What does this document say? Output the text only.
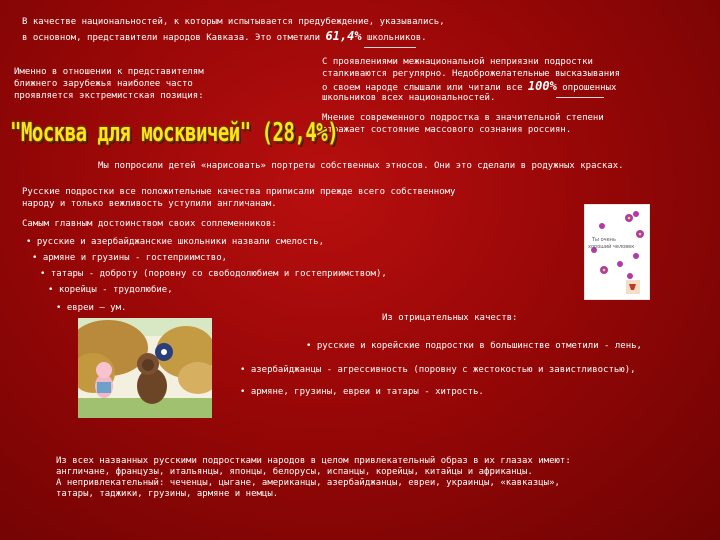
В качестве национальностей, к которым испытывается предубеждение, указывались,
в основном, представители народов Кавказа. Это отметили 61,4% школьников.
Именно в отношении к представителям
ближнего зарубежья наиболее часто
проявляется экстремистская позиция:
С проявлениями межнациональной неприязни подростки
сталкиваются регулярно. Недоброжелательные высказывания
о своем народе слышали или читали все 100% опрошенных
школьников всех национальностей.
Мнение современного подростка в значительной степени
отражает состояние массового сознания россиян.
"Москва для москвичей" (28,4%)
Мы попросили детей «нарисовать» портреты собственных этносов. Они это сделали в родужных красках.
Русские подростки все положительные качества приписали прежде всего собственному
народу и только вежливость уступили англичанам.
Самым главным достоинством своих соплеменников:
• русские и азербайджанские школьники назвали смелость,
• армяне и грузины - гостеприимство,
• татары - доброту (поровну со свободолюбием и гостеприимством),
• корейцы - трудолюбие,
• евреи – ум.
Из отрицательных качеств:
• русские и корейские подростки в большинстве отметили - лень,
• азербайджанцы - агрессивность (поровну с жестокостью и завистливостью),
• армяне, грузины, евреи и татары - хитрость.
Из всех названных русскими подростками народов в целом привлекательный образ в их глазах имеют:
англичане, французы, итальянцы, японцы, белорусы, испанцы, корейцы, китайцы и африканцы.
А непривлекательный: чеченцы, цыгане, американцы, азербайджанцы, евреи, украинцы, «кавказцы»,
татары, таджики, грузины, армяне и немцы.
Ты очень
хороший человек
